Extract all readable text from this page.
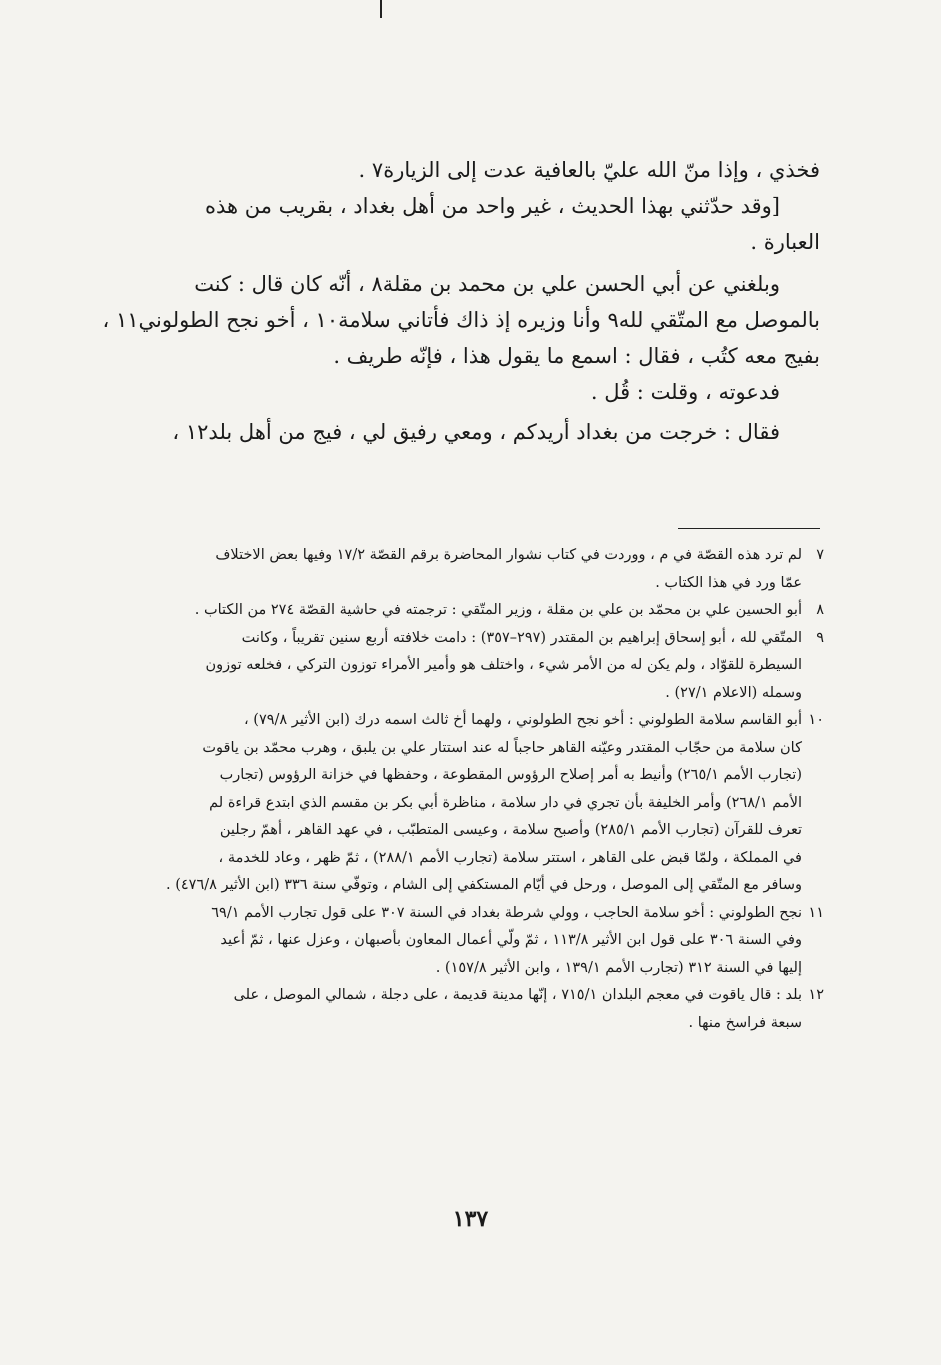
فخذي ، وإذا منّ الله عليّ بالعافية عدت إلى الزيارة٧ .
[وقد حدّثني بهذا الحديث ، غير واحد من أهل بغداد ، بقريب من هذه
العبارة .
وبلغني عن أبي الحسن علي بن محمد بن مقلة٨ ، أنّه كان قال : كنت
بالموصل مع المتّقي لله٩ وأنا وزيره إذ ذاك فأتاني سلامة١٠ ، أخو نجح الطولوني١١ ،
بفيج معه كتُب ، فقال : اسمع ما يقول هذا ، فإنّه طريف .
فدعوته ، وقلت : قُل .
فقال : خرجت من بغداد أريدكم ، ومعي رفيق لي ، فيج من أهل بلد١٢ ،
٧
لم ترد هذه القصّة في م ، ووردت في كتاب نشوار المحاضرة برقم القصّة ١٧/٢ وفيها بعض الاختلاف
عمّا ورد في هذا الكتاب .
٨
أبو الحسين علي بن محمّد بن علي بن مقلة ، وزير المتّقي : ترجمته في حاشية القصّة ٢٧٤ من الكتاب .
٩
المتّقي لله ، أبو إسحاق إبراهيم بن المقتدر (٢٩٧–٣٥٧) : دامت خلافته أربع سنين تقريباً ، وكانت
السيطرة للقوّاد ، ولم يكن له من الأمر شيء ، واختلف هو وأمير الأمراء توزون التركي ، فخلعه توزون
وسمله (الاعلام ٢٧/١) .
١٠
أبو القاسم سلامة الطولوني : أخو نجح الطولوني ، ولهما أخ ثالث اسمه درك (ابن الأثير ٧٩/٨) ،
كان سلامة من حجّاب المقتدر وعيّنه القاهر حاجباً له عند استتار علي بن يلبق ، وهرب محمّد بن ياقوت
(تجارب الأمم ٢٦٥/١) وأنيط به أمر إصلاح الرؤوس المقطوعة ، وحفظها في خزانة الرؤوس (تجارب
الأمم ٢٦٨/١) وأمر الخليفة بأن تجري في دار سلامة ، مناظرة أبي بكر بن مقسم الذي ابتدع قراءة لم
تعرف للقرآن (تجارب الأمم ٢٨٥/١) وأصبح سلامة ، وعيسى المتطبّب ، في عهد القاهر ، أهمّ رجلين
في المملكة ، ولمّا قبض على القاهر ، استتر سلامة (تجارب الأمم ٢٨٨/١) ، ثمّ ظهر ، وعاد للخدمة ،
وسافر مع المتّقي إلى الموصل ، ورحل في أيّام المستكفي إلى الشام ، وتوفّي سنة ٣٣٦ (ابن الأثير ٤٧٦/٨) .
١١
نجح الطولوني : أخو سلامة الحاجب ، وولي شرطة بغداد في السنة ٣٠٧ على قول تجارب الأمم ٦٩/١
وفي السنة ٣٠٦ على قول ابن الأثير ١١٣/٨ ، ثمّ ولّي أعمال المعاون بأصبهان ، وعزل عنها ، ثمّ أعيد
إليها في السنة ٣١٢ (تجارب الأمم ١٣٩/١ ، وابن الأثير ١٥٧/٨) .
١٢
بلد : قال ياقوت في معجم البلدان ٧١٥/١ ، إنّها مدينة قديمة ، على دجلة ، شمالي الموصل ، على
سبعة فراسخ منها .
١٣٧
